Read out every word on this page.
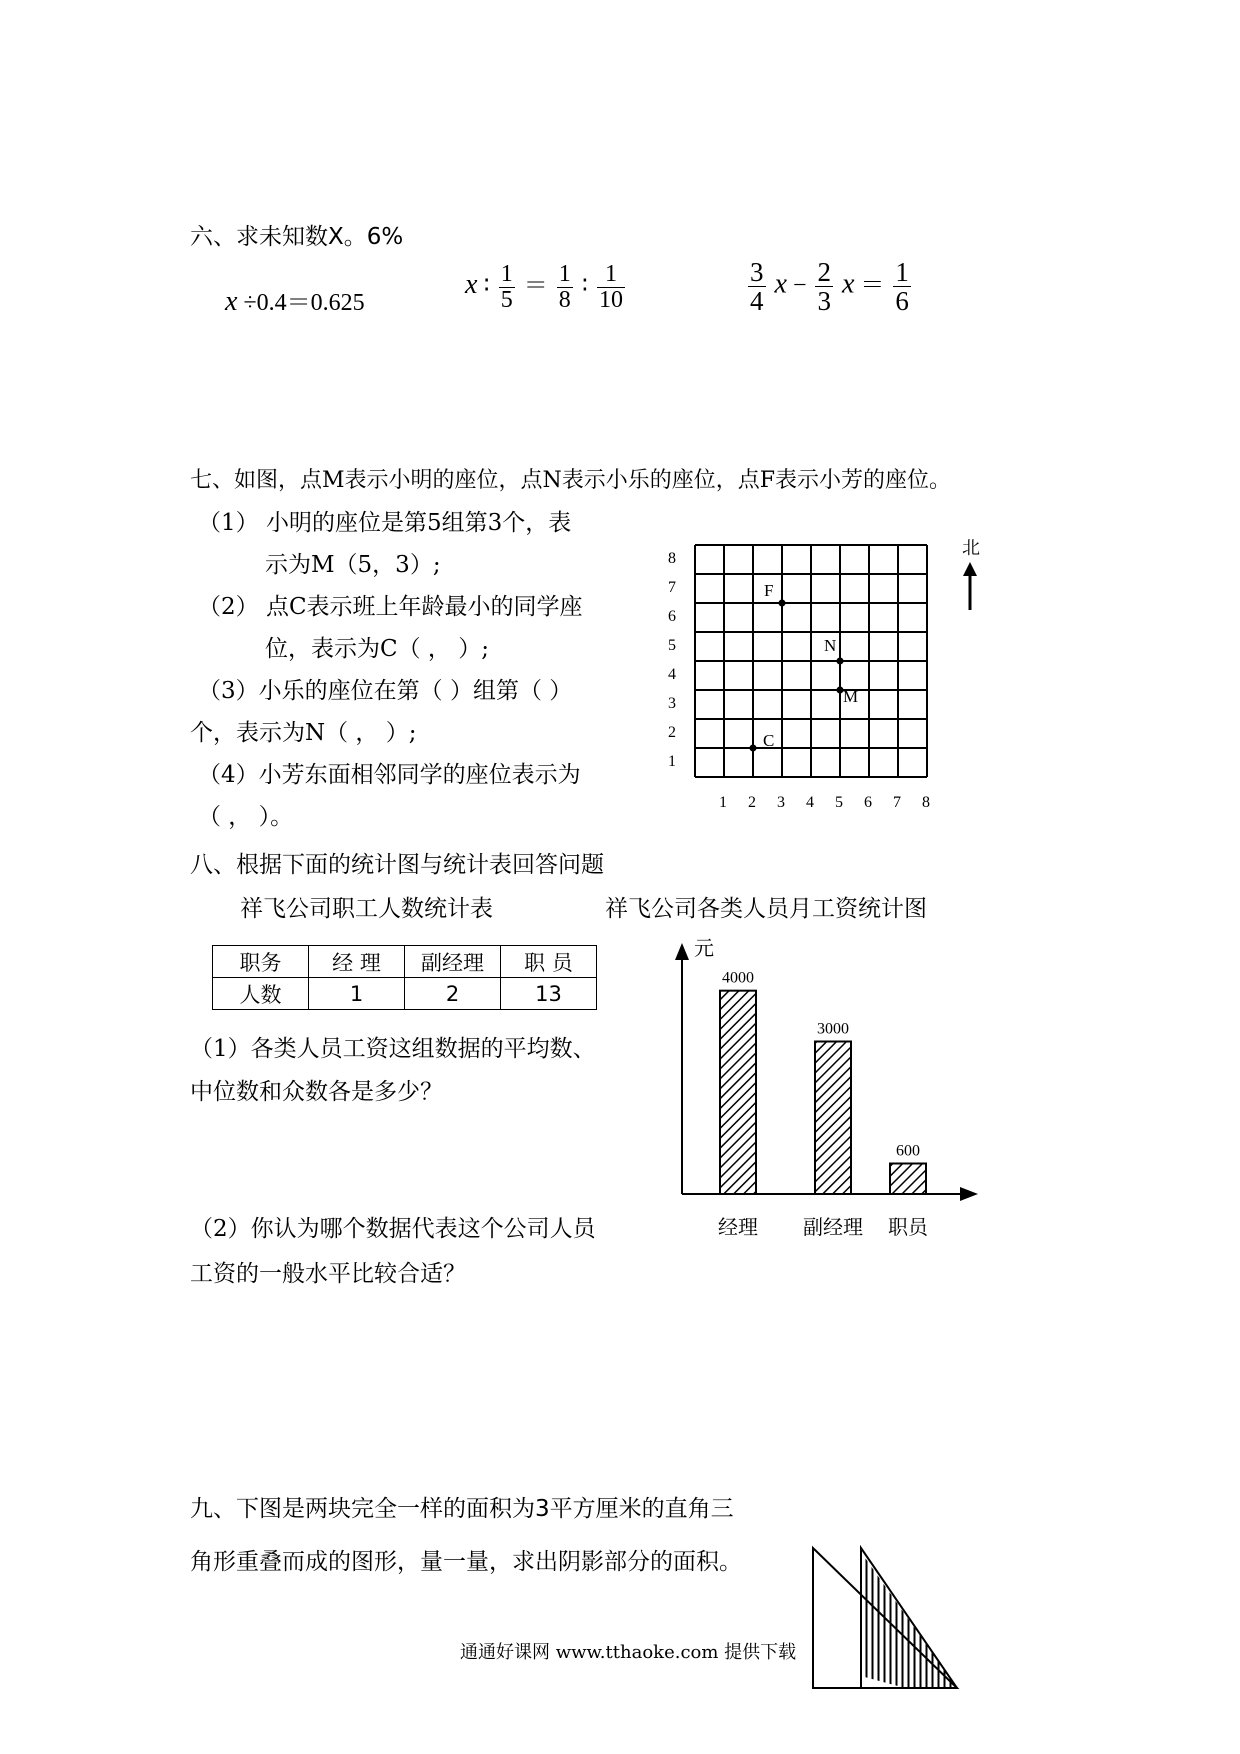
六、求未知数X。6%
x ÷0.4＝0.625
x ∶ $\frac{1}{5} = \frac{1}{8}$ ∶ $\frac{1}{10}$	$\frac{3}{4}$ $x - \frac{2}{3}$ $x = \frac{1}{6}$
七、如图，点M表示小明的座位，点N表示小乐的座位，点F表示小芳的座位。
（1） 小明的座位是第5组第3个，表
示为M（5，3）;
（2） 点C表示班上年龄最小的同学座
位，表示为C（ ， ）;
（3）小乐的座位在第（ ）组第（ ）
个，表示为N（ ， ）;
（4）小芳东面相邻同学的座位表示为
（ ， ）。
1 2 3 4 5 6 7 8
1
2
3
4
5
6
7
8
F
N
M
C
北
八、根据下面的统计图与统计表回答问题
祥飞公司职工人数统计表	祥飞公司各类人员月工资统计图
职务	经 理	副经理	职 员
人数	1	2	13
（1）各类人员工资这组数据的平均数、
中位数和众数各是多少？
（2）你认为哪个数据代表这个公司人员
工资的一般水平比较合适？
元
4000
经理
3000
副经理
600
职员
九、下图是两块完全一样的面积为3平方厘米的直角三
角形重叠而成的图形，量一量，求出阴影部分的面积。
通通好课网 www.tthaoke.com 提供下载
